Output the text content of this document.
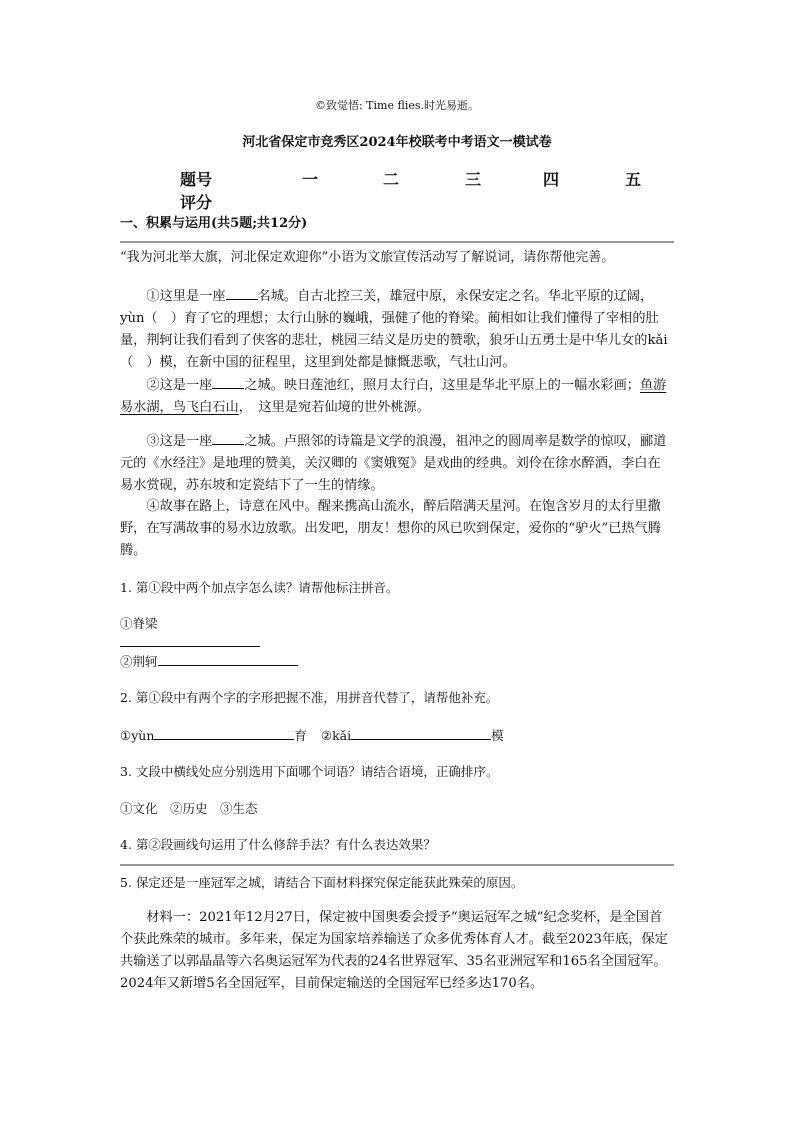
©致觉悟: Time flies.时光易逝。
河北省保定市竞秀区2024年校联考中考语文一模试卷
题号	一	二	三	四	五
评分
一、积累与运用(共5题;共12分)
“我为河北举大旗，河北保定欢迎你”小语为文旅宣传活动写了解说词，请你帮他完善。
①这里是一座 名城。自古北控三关，雄冠中原，永保安定之名。华北平原的辽阔，yùn（　）育了它的理想；太行山脉的巍峨，强健了他的脊梁。蔺相如让我们懂得了宰相的肚量，荆轲让我们看到了侠客的悲壮，桃园三结义是历史的赞歌，狼牙山五勇士是中华儿女的kǎi（　）模，在新中国的征程里，这里到处都是慷慨悲歌，气壮山河。
②这是一座 之城。映日莲池红，照月太行白，这里是华北平原上的一幅水彩画；鱼游易水湖，鸟飞白石山，　这里是宛若仙境的世外桃源。
③这是一座 之城。卢照邻的诗篇是文学的浪漫，祖冲之的圆周率是数学的惊叹，郦道元的《水经注》是地理的赞美，关汉卿的《窦娥冤》是戏曲的经典。刘伶在徐水醉酒，李白在易水赏砚，苏东坡和定瓷结下了一生的情缘。
④故事在路上，诗意在风中。醒来携高山流水，醉后陪满天星河。在饱含岁月的太行里撒野，在写满故事的易水边放歌。出发吧，朋友！想你的风已吹到保定，爱你的“驴火”已热气腾腾。
1. 第①段中两个加点字怎么读？请帮他标注拼音。
①脊梁
②荆轲
2. 第①段中有两个字的字形把握不准，用拼音代替了，请帮他补充。
①yùn	育 ②kǎi	模
3. 文段中横线处应分别选用下面哪个词语？请结合语境，正确排序。
①文化　②历史　③生态
4. 第②段画线句运用了什么修辞手法？有什么表达效果？
5. 保定还是一座冠军之城，请结合下面材料探究保定能获此殊荣的原因。
材料一：2021年12月27日，保定被中国奥委会授予“奥运冠军之城”纪念奖杯，是全国首个获此殊荣的城市。多年来，保定为国家培养输送了众多优秀体育人才。截至2023年底，保定共输送了以郭晶晶等六名奥运冠军为代表的24名世界冠军、35名亚洲冠军和165名全国冠军。2024年又新增5名全国冠军，目前保定输送的全国冠军已经多达170名。
